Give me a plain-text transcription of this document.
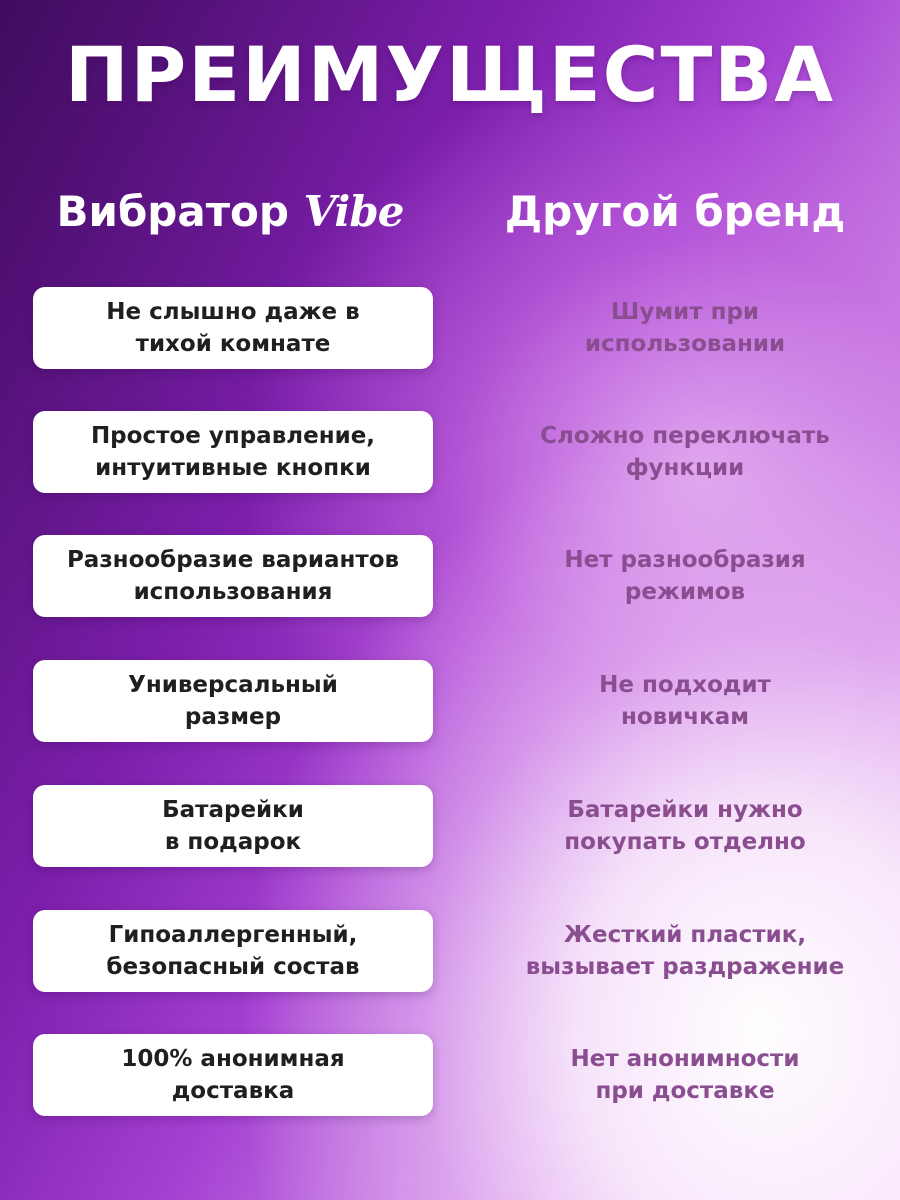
ПРЕИМУЩЕСТВА
Вибратор Vibe	Другой бренд
Не слышно даже в
тихой комнате
Шумит при
использовании
Простое управление,
интуитивные кнопки
Сложно переключать
функции
Разнообразие вариантов
использования
Нет разнообразия
режимов
Универсальный
размер
Не подходит
новичкам
Батарейки
в подарок
Батарейки нужно
покупать отделно
Гипоаллергенный,
безопасный состав
Жесткий пластик,
вызывает раздражение
100% анонимная
доставка
Нет анонимности
при доставке
